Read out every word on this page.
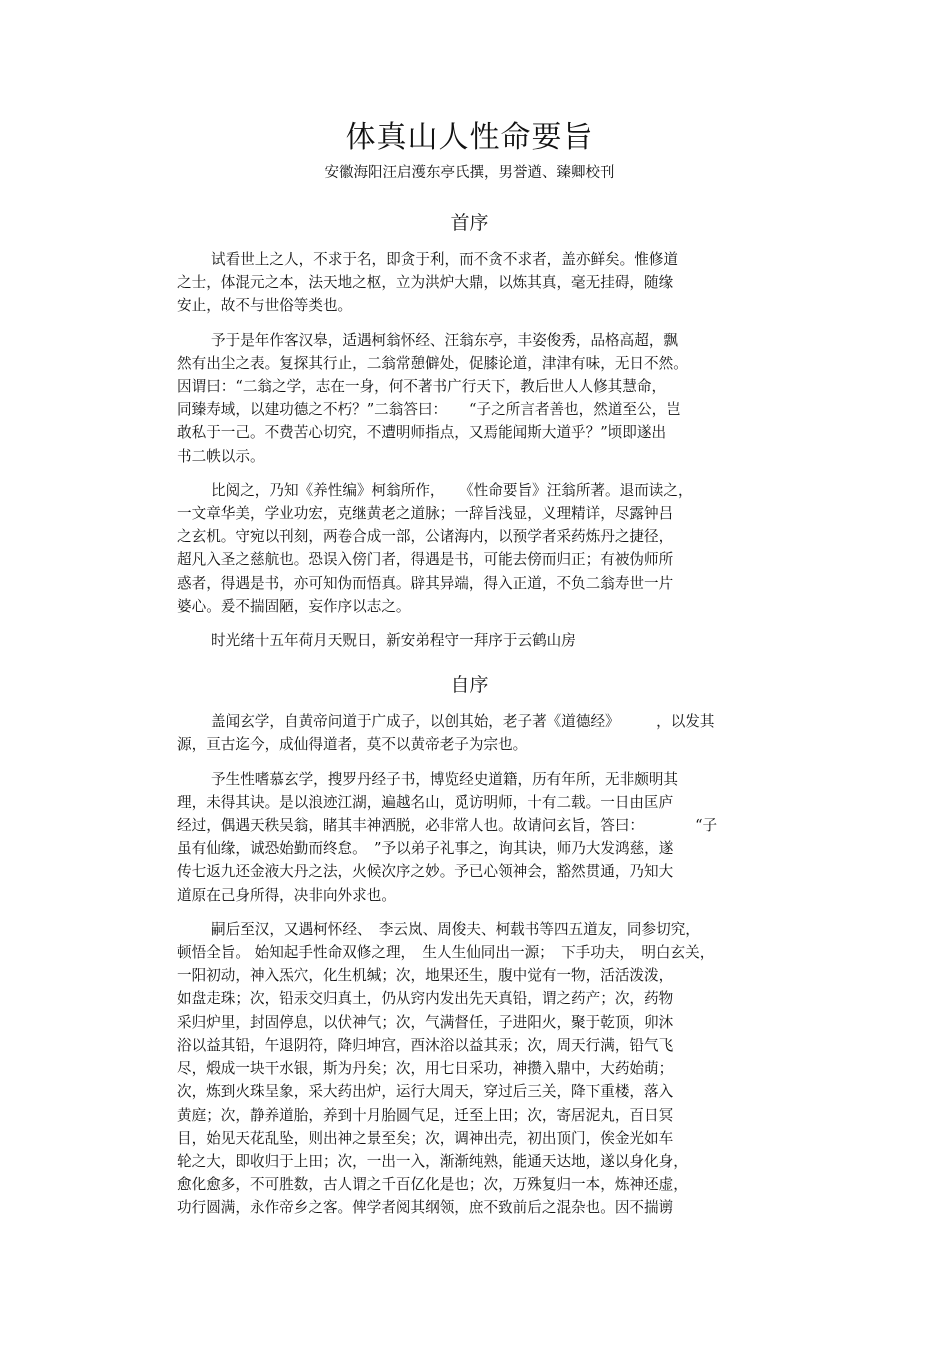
体真山人性命要旨
安徽海阳汪启濩东亭氏撰，男誉遒、臻卿校刊
首序
试看世上之人，不求于名，即贪于利，而不贪不求者，盖亦鲜矣。惟修道
之士，体混元之本，法天地之枢，立为洪炉大鼎，以炼其真，毫无挂碍，随缘
安止，故不与世俗等类也。
予于是年作客汉皋，适遇柯翁怀经、汪翁东亭，丰姿俊秀，品格高超，飘
然有出尘之表。复探其行止，二翁常憩僻处，促膝论道，津津有味，无日不然。
因谓曰：“二翁之学，志在一身，何不著书广行天下，教后世人人修其慧命，
同臻寿域，以建功德之不朽？”二翁答曰：　　“子之所言者善也，然道至公，岂
敢私于一己。不费苦心切究，不遭明师指点，又焉能闻斯大道乎？”顷即遂出
书二帙以示。
比阅之，乃知《养性编》柯翁所作，　　《性命要旨》汪翁所著。退而读之，
一文章华美，学业功宏，克继黄老之道脉；一辞旨浅显，义理精详，尽露钟吕
之玄机。守宛以刊刻，两卷合成一部，公诸海内，以预学者采药炼丹之捷径，
超凡入圣之慈航也。恐误入傍门者，得遇是书，可能去傍而归正；有被伪师所
惑者，得遇是书，亦可知伪而悟真。辟其异端，得入正道，不负二翁寿世一片
婆心。爰不揣固陋，妄作序以志之。
时光绪十五年荷月天贶日，新安弟程守一拜序于云鹤山房
自序
盖闻玄学，自黄帝问道于广成子，以创其始，老子著《道德经》　　　，以发其
源，亘古迄今，成仙得道者，莫不以黄帝老子为宗也。
予生性嗜慕玄学，搜罗丹经子书，博览经史道籍，历有年所，无非颇明其
理，未得其诀。是以浪迹江湖，遍越名山，觅访明师，十有二载。一日由匡庐
经过，偶遇天秩吴翁，睹其丰神洒脱，必非常人也。故请问玄旨，答曰：　　　　“子
虽有仙缘，诚恐始勤而终怠。　”予以弟子礼事之，询其诀，师乃大发鸿慈，遂
传七返九还金液大丹之法，火候次序之妙。予已心领神会，豁然贯通，乃知大
道原在己身所得，决非向外求也。
嗣后至汉，又遇柯怀经、　李云岚、周俊夫、柯载书等四五道友，同参切究，
顿悟全旨。 始知起手性命双修之理，　生人生仙同出一源；　下手功夫，　明白玄关，
一阳初动，神入炁穴，化生机缄；次，地果还生，腹中觉有一物，活活泼泼，
如盘走珠；次，铅汞交归真土，仍从窍内发出先天真铅，谓之药产；次，药物
采归炉里，封固停息，以伏神气；次，气满督任，子进阳火，聚于乾顶，卯沐
浴以益其铅，午退阴符，降归坤宫，酉沐浴以益其汞；次，周天行满，铅气飞
尽，煅成一块干水银，斯为丹矣；次，用七日采功，神攒入鼎中，大药始萌；
次，炼到火珠呈象，采大药出炉，运行大周天，穿过后三关，降下重楼，落入
黄庭；次，静养道胎，养到十月胎圆气足，迁至上田；次，寄居泥丸，百日冥
目，始见天花乱坠，则出神之景至矣；次，调神出壳，初出顶门，俟金光如车
轮之大，即收归于上田；次，一出一入，渐渐纯熟，能通天达地，遂以身化身，
愈化愈多，不可胜数，古人谓之千百亿化是也；次，万殊复归一本，炼神还虚，
功行圆满，永作帝乡之客。俾学者阅其纲领，庶不致前后之混杂也。因不揣谫
